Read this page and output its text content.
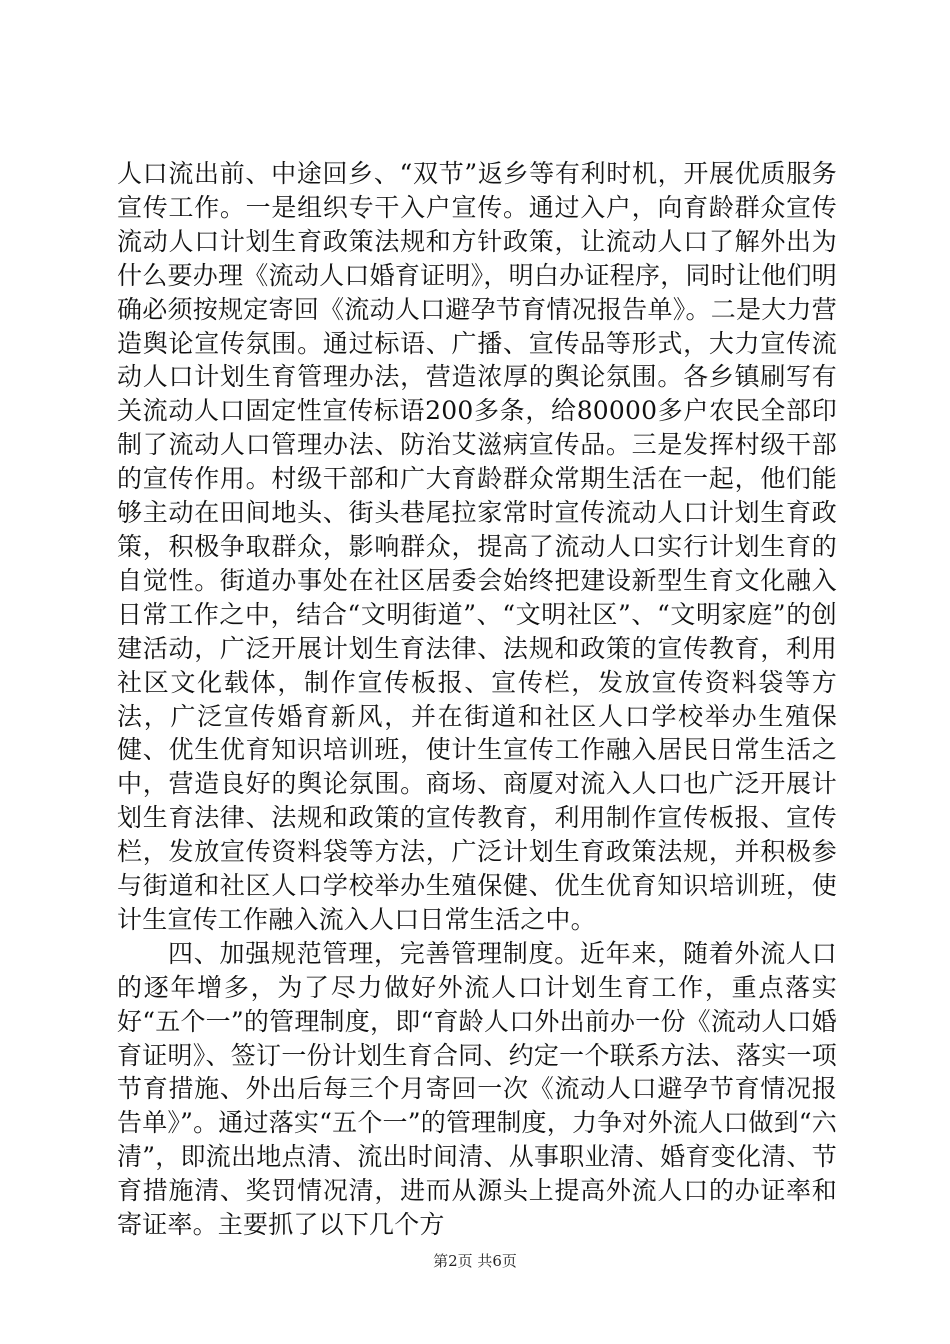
人口流出前、中途回乡、“双节”返乡等有利时机，开展优质服务宣传工作。一是组织专干入户宣传。通过入户，向育龄群众宣传流动人口计划生育政策法规和方针政策，让流动人口了解外出为什么要办理《流动人口婚育证明》，明白办证程序，同时让他们明确必须按规定寄回《流动人口避孕节育情况报告单》。二是大力营造舆论宣传氛围。通过标语、广播、宣传品等形式，大力宣传流动人口计划生育管理办法，营造浓厚的舆论氛围。各乡镇刷写有关流动人口固定性宣传标语200多条，给80000多户农民全部印制了流动人口管理办法、防治艾滋病宣传品。三是发挥村级干部的宣传作用。村级干部和广大育龄群众常期生活在一起，他们能够主动在田间地头、街头巷尾拉家常时宣传流动人口计划生育政策，积极争取群众，影响群众，提高了流动人口实行计划生育的自觉性。街道办事处在社区居委会始终把建设新型生育文化融入日常工作之中，结合“文明街道”、“文明社区”、“文明家庭”的创建活动，广泛开展计划生育法律、法规和政策的宣传教育，利用社区文化载体，制作宣传板报、宣传栏，发放宣传资料袋等方法，广泛宣传婚育新风，并在街道和社区人口学校举办生殖保健、优生优育知识培训班，使计生宣传工作融入居民日常生活之中，营造良好的舆论氛围。商场、商厦对流入人口也广泛开展计划生育法律、法规和政策的宣传教育，利用制作宣传板报、宣传栏，发放宣传资料袋等方法，广泛计划生育政策法规，并积极参与街道和社区人口学校举办生殖保健、优生优育知识培训班，使计生宣传工作融入流入人口日常生活之中。

四、加强规范管理，完善管理制度。近年来，随着外流人口的逐年增多，为了尽力做好外流人口计划生育工作，重点落实好“五个一”的管理制度，即“育龄人口外出前办一份《流动人口婚育证明》、签订一份计划生育合同、约定一个联系方法、落实一项节育措施、外出后每三个月寄回一次《流动人口避孕节育情况报告单》”。通过落实“五个一”的管理制度，力争对外流人口做到“六清”，即流出地点清、流出时间清、从事职业清、婚育变化清、节育措施清、奖罚情况清，进而从源头上提高外流人口的办证率和寄证率。主要抓了以下几个方

第2页 共6页
